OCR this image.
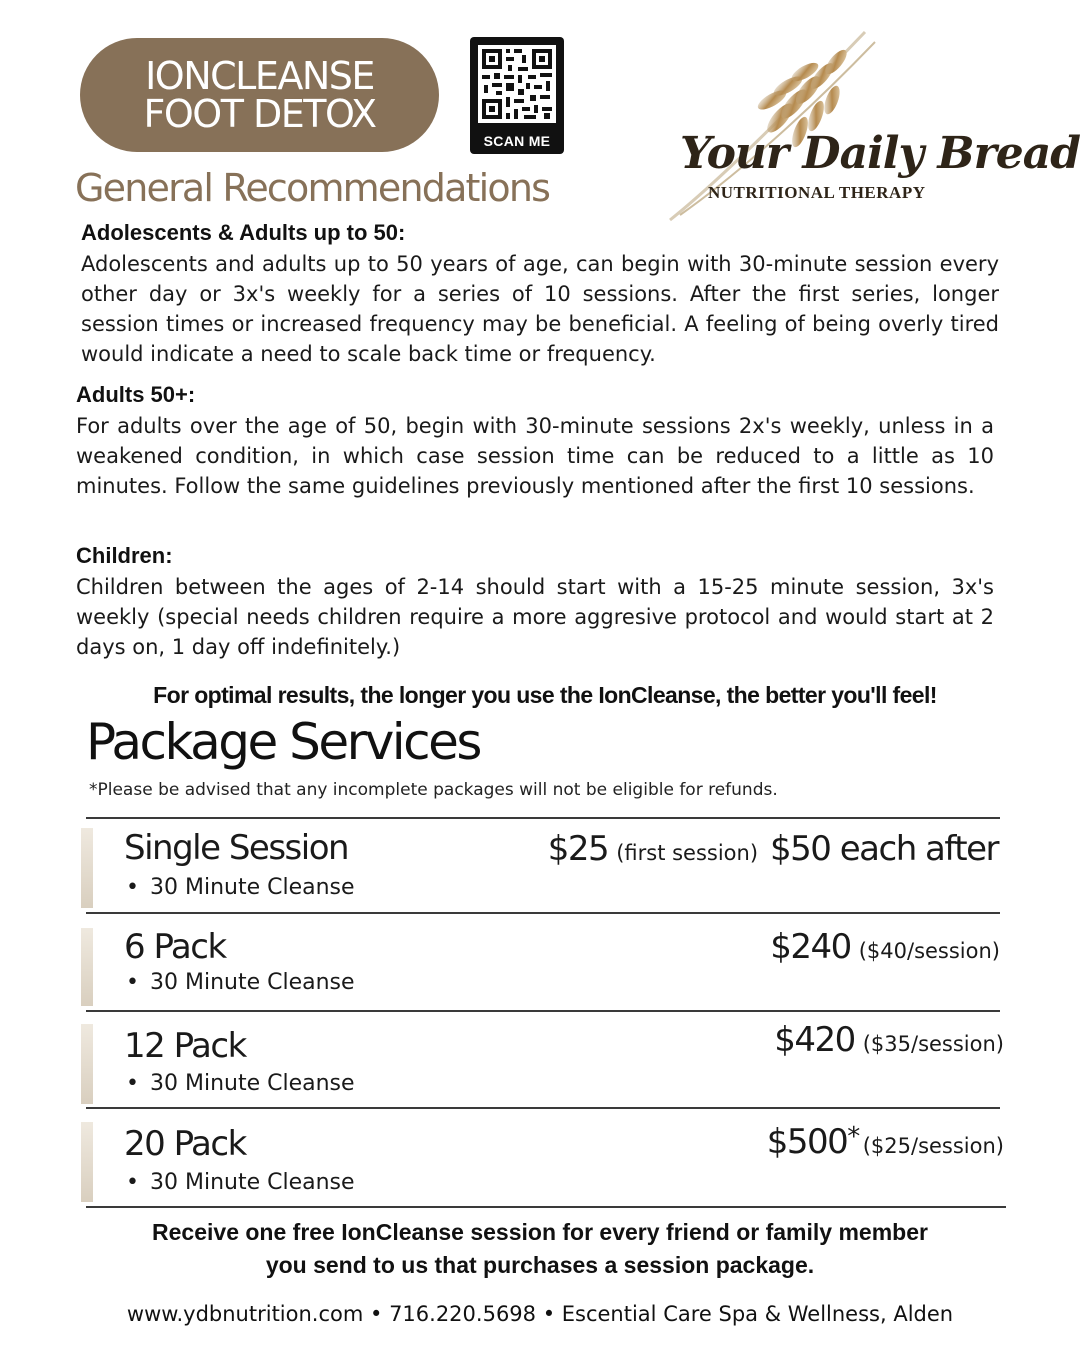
IONCLEANSE
FOOT DETOX
SCAN ME	Your Daily Bread
NUTRITIONAL THERAPY
General Recommendations
Adolescents & Adults up to 50:
Adolescents and adults up to 50 years of age, can begin with 30-minute session every other day or 3x's weekly for a series of 10 sessions. After the first series, longer session times or increased frequency may be beneficial. A feeling of being overly tired would indicate a need to scale back time or frequency.
Adults 50+:
For adults over the age of 50, begin with 30-minute sessions 2x's weekly, unless in a weakened condition, in which case session time can be reduced to a little as 10 minutes. Follow the same guidelines previously mentioned after the first 10 sessions.
Children:
Children between the ages of 2-14 should start with a 15-25 minute session, 3x's weekly (special needs children require a more aggresive protocol and would start at 2 days on, 1 day off indefinitely.)
For optimal results, the longer you use the IonCleanse, the better you'll feel!
Package Services
*Please be advised that any incomplete packages will not be eligible for refunds.
Single Session
• 30 Minute Cleanse
$25 (first session) $50 each after
6 Pack
• 30 Minute Cleanse
$240 ($40/session)
12 Pack
• 30 Minute Cleanse
$420 ($35/session)
20 Pack
• 30 Minute Cleanse
$500 * ($25/session)
Receive one free IonCleanse session for every friend or family member
you send to us that purchases a session package.
www.ydbnutrition.com • 716.220.5698 • Escential Care Spa & Wellness, Alden
